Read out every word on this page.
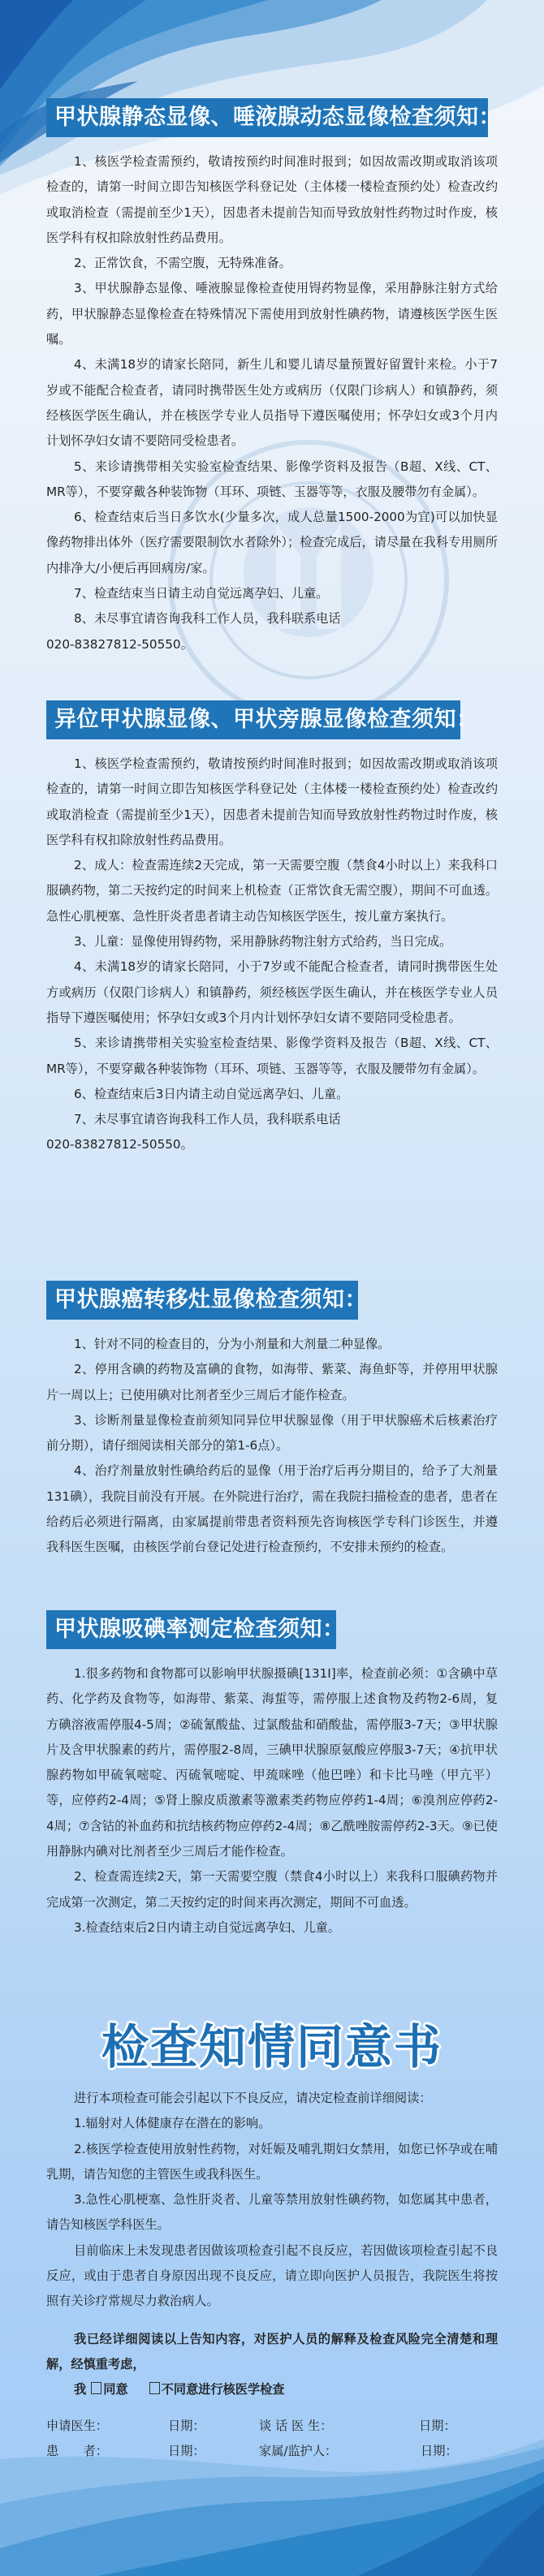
甲状腺静态显像、唾液腺动态显像检查须知：

1、核医学检查需预约，敬请按预约时间准时报到；如因故需改期或取消该项检查的，请第一时间立即告知核医学科登记处（主体楼一楼检查预约处）检查改约或取消检查（需提前至少1天），因患者未提前告知而导致放射性药物过时作废，核医学科有权扣除放射性药品费用。

2、正常饮食，不需空腹，无特殊准备。

3、甲状腺静态显像、唾液腺显像检查使用锝药物显像，采用静脉注射方式给药，甲状腺静态显像检查在特殊情况下需使用到放射性碘药物，请遵核医学医生医嘱。

4、未满18岁的请家长陪同，新生儿和婴儿请尽量预置好留置针来检。小于7岁或不能配合检查者，请同时携带医生处方或病历（仅限门诊病人）和镇静药，须经核医学医生确认，并在核医学专业人员指导下遵医嘱使用；怀孕妇女或3个月内计划怀孕妇女请不要陪同受检患者。

5、来诊请携带相关实验室检查结果、影像学资料及报告（B超、X线、CT、MR等），不要穿戴各种装饰物（耳环、项链、玉器等等，衣服及腰带勿有金属）。

6、检查结束后当日多饮水(少量多次，成人总量1500-2000为宜)可以加快显像药物排出体外（医疗需要限制饮水者除外）；检查完成后，请尽量在我科专用厕所内排净大/小便后再回病房/家。

7、检查结束当日请主动自觉远离孕妇、儿童。

8、未尽事宜请咨询我科工作人员，我科联系电话

020-83827812-50550。

异位甲状腺显像、甲状旁腺显像检查须知：

1、核医学检查需预约，敬请按预约时间准时报到；如因故需改期或取消该项检查的，请第一时间立即告知核医学科登记处（主体楼一楼检查预约处）检查改约或取消检查（需提前至少1天），因患者未提前告知而导致放射性药物过时作废，核医学科有权扣除放射性药品费用。

2、成人：检查需连续2天完成，第一天需要空腹（禁食4小时以上）来我科口服碘药物，第二天按约定的时间来上机检查（正常饮食无需空腹），期间不可血透。急性心肌梗塞、急性肝炎者患者请主动告知核医学医生，按儿童方案执行。

3、儿童：显像使用锝药物，采用静脉药物注射方式给药，当日完成。

4、未满18岁的请家长陪同，小于7岁或不能配合检查者，请同时携带医生处方或病历（仅限门诊病人）和镇静药，须经核医学医生确认，并在核医学专业人员指导下遵医嘱使用；怀孕妇女或3个月内计划怀孕妇女请不要陪同受检患者。

5、来诊请携带相关实验室检查结果、影像学资料及报告（B超、X线、CT、MR等），不要穿戴各种装饰物（耳环、项链、玉器等等，衣服及腰带勿有金属）。

6、检查结束后3日内请主动自觉远离孕妇、儿童。

7、未尽事宜请咨询我科工作人员，我科联系电话

020-83827812-50550。

甲状腺癌转移灶显像检查须知：

1、针对不同的检查目的，分为小剂量和大剂量二种显像。

2、停用含碘的药物及富碘的食物，如海带、紫菜、海鱼虾等，并停用甲状腺片一周以上；已使用碘对比剂者至少三周后才能作检查。

3、诊断剂量显像检查前须知同异位甲状腺显像（用于甲状腺癌术后核素治疗前分期），请仔细阅读相关部分的第1-6点）。

4、治疗剂量放射性碘给药后的显像（用于治疗后再分期目的，给予了大剂量131碘），我院目前没有开展。在外院进行治疗，需在我院扫描检查的患者，患者在给药后必须进行隔离，由家属提前带患者资料预先咨询核医学专科门诊医生，并遵我科医生医嘱，由核医学前台登记处进行检查预约，不安排未预约的检查。

甲状腺吸碘率测定检查须知：

1.很多药物和食物都可以影响甲状腺摄碘[131I]率，检查前必须：①含碘中草药、化学药及食物等，如海带、紫菜、海蜇等，需停服上述食物及药物2-6周，复方碘溶液需停服4-5周；②硫氰酸盐、过氯酸盐和硝酸盐，需停服3-7天；③甲状腺片及含甲状腺素的药片，需停服2-8周，三碘甲状腺原氨酸应停服3-7天；④抗甲状腺药物如甲硫氧嘧啶、丙硫氧嘧啶、甲巯咪唑（他巴唑）和卡比马唑（甲亢平）等，应停药2-4周；⑤肾上腺皮质激素等激素类药物应停药1-4周；⑥溴剂应停药2-4周；⑦含钴的补血药和抗结核药物应停药2-4周；⑧乙酰唑胺需停药2-3天。⑨已使用静脉内碘对比剂者至少三周后才能作检查。

2、检查需连续2天，第一天需要空腹（禁食4小时以上）来我科口服碘药物并完成第一次测定，第二天按约定的时间来再次测定，期间不可血透。

3.检查结束后2日内请主动自觉远离孕妇、儿童。

检查知情同意书

进行本项检查可能会引起以下不良反应，请决定检查前详细阅读：

1.辐射对人体健康存在潜在的影响。

2.核医学检查使用放射性药物，对妊娠及哺乳期妇女禁用，如您已怀孕或在哺乳期，请告知您的主管医生或我科医生。

3.急性心肌梗塞、急性肝炎者、儿童等禁用放射性碘药物，如您属其中患者，请告知核医学科医生。

目前临床上未发现患者因做该项检查引起不良反应，若因做该项检查引起不良反应，或由于患者自身原因出现不良反应，请立即向医护人员报告，我院医生将按照有关诊疗常规尽力救治病人。

我已经详细阅读以上告知内容，对医护人员的解释及检查风险完全清楚和理解，经慎重考虑，

我 同意	不同意进行核医学检查
申请医生：	日期：	谈 话 医 生：	日期：
患　　者：	日期：	家属/监护人：	日期：
